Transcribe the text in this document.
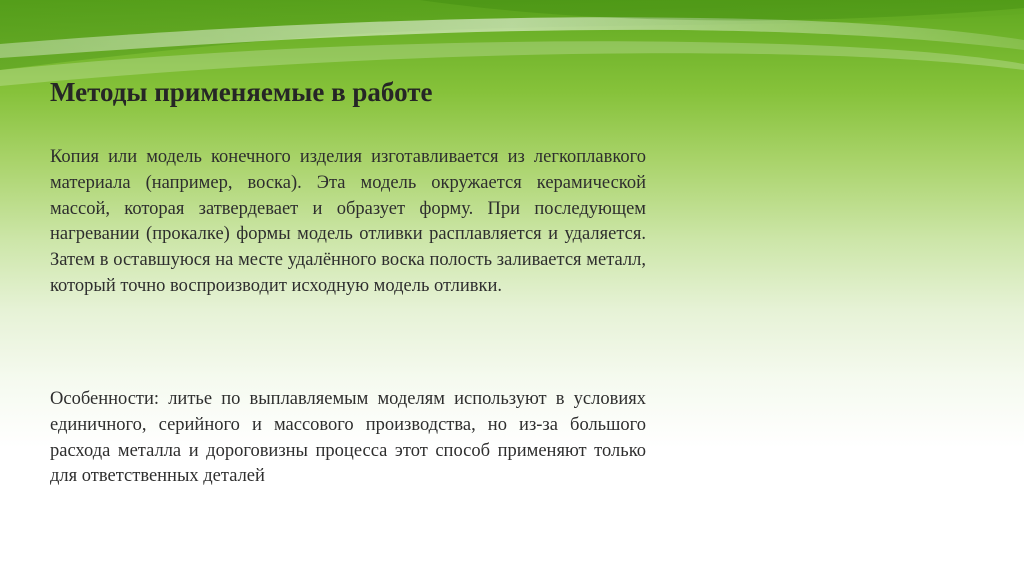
Методы применяемые в работе

Копия или модель конечного изделия изготавливается из легкоплавкого материала (например, воска). Эта модель окружается керамической массой, которая затвердевает и образует форму. При последующем нагревании (прокалке) формы модель отливки расплавляется и удаляется. Затем в оставшуюся на месте удалённого воска полость заливается металл, который точно воспроизводит исходную модель отливки.

Особенности: литье по выплавляемым моделям используют в условиях единичного, серийного и массового производства, но из-за большого расхода металла и дороговизны процесса этот способ применяют только для ответственных деталей
